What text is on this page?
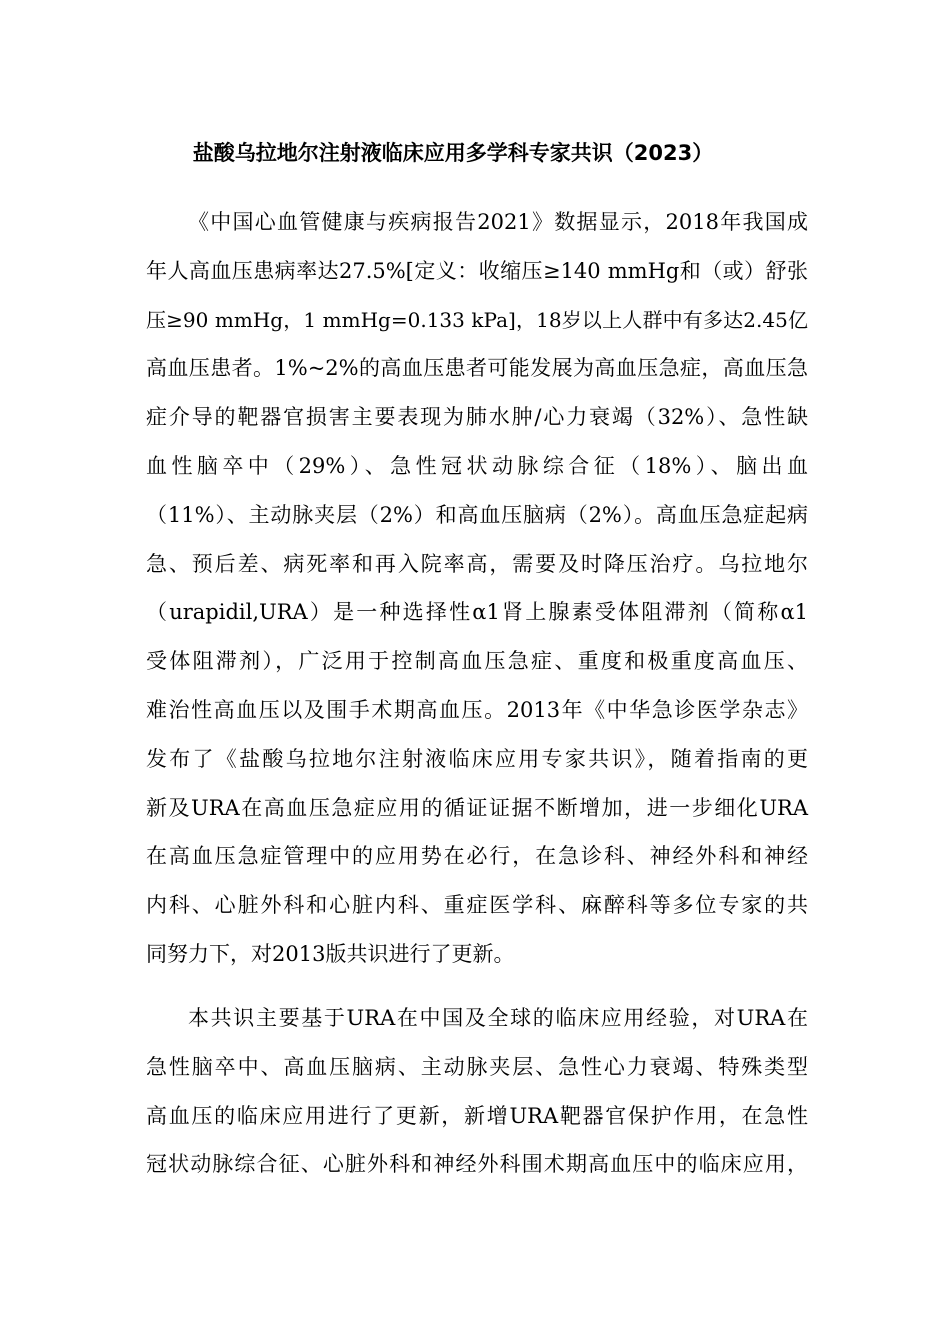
盐酸乌拉地尔注射液临床应用多学科专家共识（2023）
《中国心血管健康与疾病报告2021》数据显示，2018年我国成
年人高血压患病率达27.5%[定义：收缩压≥140 mmHg和（或）舒张
压≥90 mmHg，1 mmHg=0.133 kPa]，18岁以上人群中有多达2.45亿
高血压患者。1%~2%的高血压患者可能发展为高血压急症，高血压急
症介导的靶器官损害主要表现为肺水肿/心力衰竭（32%）、急性缺
血性脑卒中（29%）、急性冠状动脉综合征（18%）、脑出血
（11%）、主动脉夹层（2%）和高血压脑病（2%）。高血压急症起病
急、预后差、病死率和再入院率高，需要及时降压治疗。乌拉地尔
（urapidil,URA）是一种选择性α1肾上腺素受体阻滞剂（简称α1
受体阻滞剂），广泛用于控制高血压急症、重度和极重度高血压、
难治性高血压以及围手术期高血压。2013年《中华急诊医学杂志》
发布了《盐酸乌拉地尔注射液临床应用专家共识》，随着指南的更
新及URA在高血压急症应用的循证证据不断增加，进一步细化URA
在高血压急症管理中的应用势在必行，在急诊科、神经外科和神经
内科、心脏外科和心脏内科、重症医学科、麻醉科等多位专家的共
同努力下，对2013版共识进行了更新。
本共识主要基于URA在中国及全球的临床应用经验，对URA在
急性脑卒中、高血压脑病、主动脉夹层、急性心力衰竭、特殊类型
高血压的临床应用进行了更新，新增URA靶器官保护作用，在急性
冠状动脉综合征、心脏外科和神经外科围术期高血压中的临床应用，
